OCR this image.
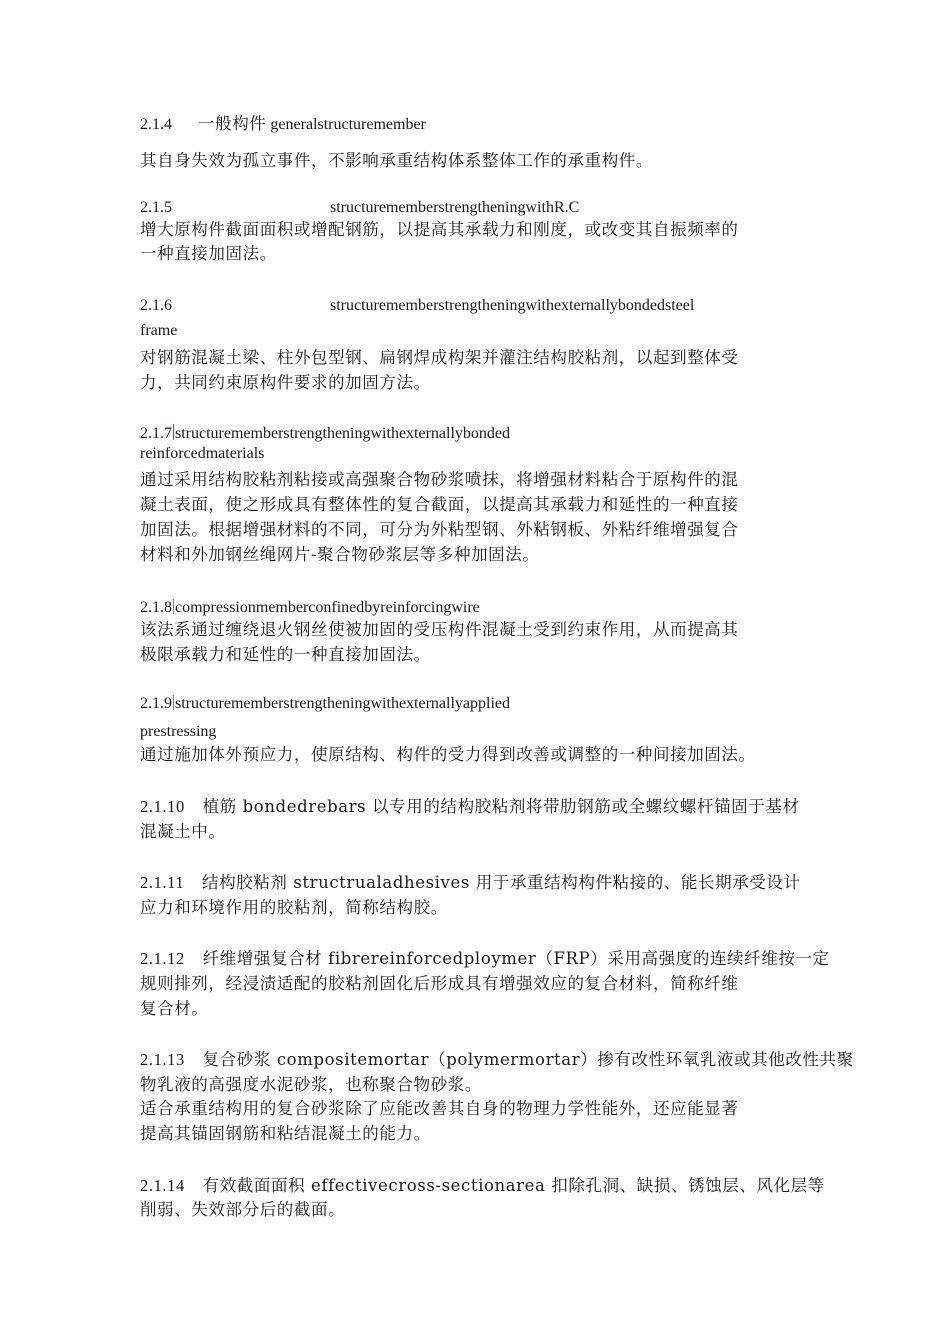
2.1.4 一般构件 generalstructuremember
其自身失效为孤立事件，不影响承重结构体系整体工作的承重构件。
2.1.5	structurememberstrengtheningwithR.C
增大原构件截面面积或增配钢筋，以提高其承载力和刚度，或改变其自振频率的
一种直接加固法。
2.1.6	structurememberstrengtheningwithexternallybondedsteel
frame
对钢筋混凝土梁、柱外包型钢、扁钢焊成构架并灌注结构胶粘剂，以起到整体受
力，共同约束原构件要求的加固方法。
2.1.7 structurememberstrengtheningwithexternallybonded
reinforcedmaterials
通过采用结构胶粘剂粘接或高强聚合物砂浆喷抹，将增强材料粘合于原构件的混
凝土表面，使之形成具有整体性的复合截面，以提高其承载力和延性的一种直接
加固法。根据增强材料的不同，可分为外粘型钢、外粘钢板、外粘纤维增强复合
材料和外加钢丝绳网片-聚合物砂浆层等多种加固法。
2.1.8 compressionmemberconfinedbyreinforcingwire
该法系通过缠绕退火钢丝使被加固的受压构件混凝土受到约束作用，从而提高其
极限承载力和延性的一种直接加固法。
2.1.9 structurememberstrengtheningwithexternallyapplied
prestressing
通过施加体外预应力，使原结构、构件的受力得到改善或调整的一种间接加固法。
2.1.10 植筋 bondedrebars 以专用的结构胶粘剂将带肋钢筋或全螺纹螺杆锚固于基材
混凝土中。
2.1.11 结构胶粘剂 structrualadhesives 用于承重结构构件粘接的、能长期承受设计
应力和环境作用的胶粘剂，简称结构胶。
2.1.12 纤维增强复合材 fibrereinforcedploymer（FRP）采用高强度的连续纤维按一定
规则排列，经浸渍适配的胶粘剂固化后形成具有增强效应的复合材料，简称纤维
复合材。
2.1.13 复合砂浆 compositemortar（polymermortar）掺有改性环氧乳液或其他改性共聚
物乳液的高强度水泥砂浆，也称聚合物砂浆。
适合承重结构用的复合砂浆除了应能改善其自身的物理力学性能外，还应能显著
提高其锚固钢筋和粘结混凝土的能力。
2.1.14 有效截面面积 effectivecross-sectionarea 扣除孔洞、缺损、锈蚀层、风化层等
削弱、失效部分后的截面。
